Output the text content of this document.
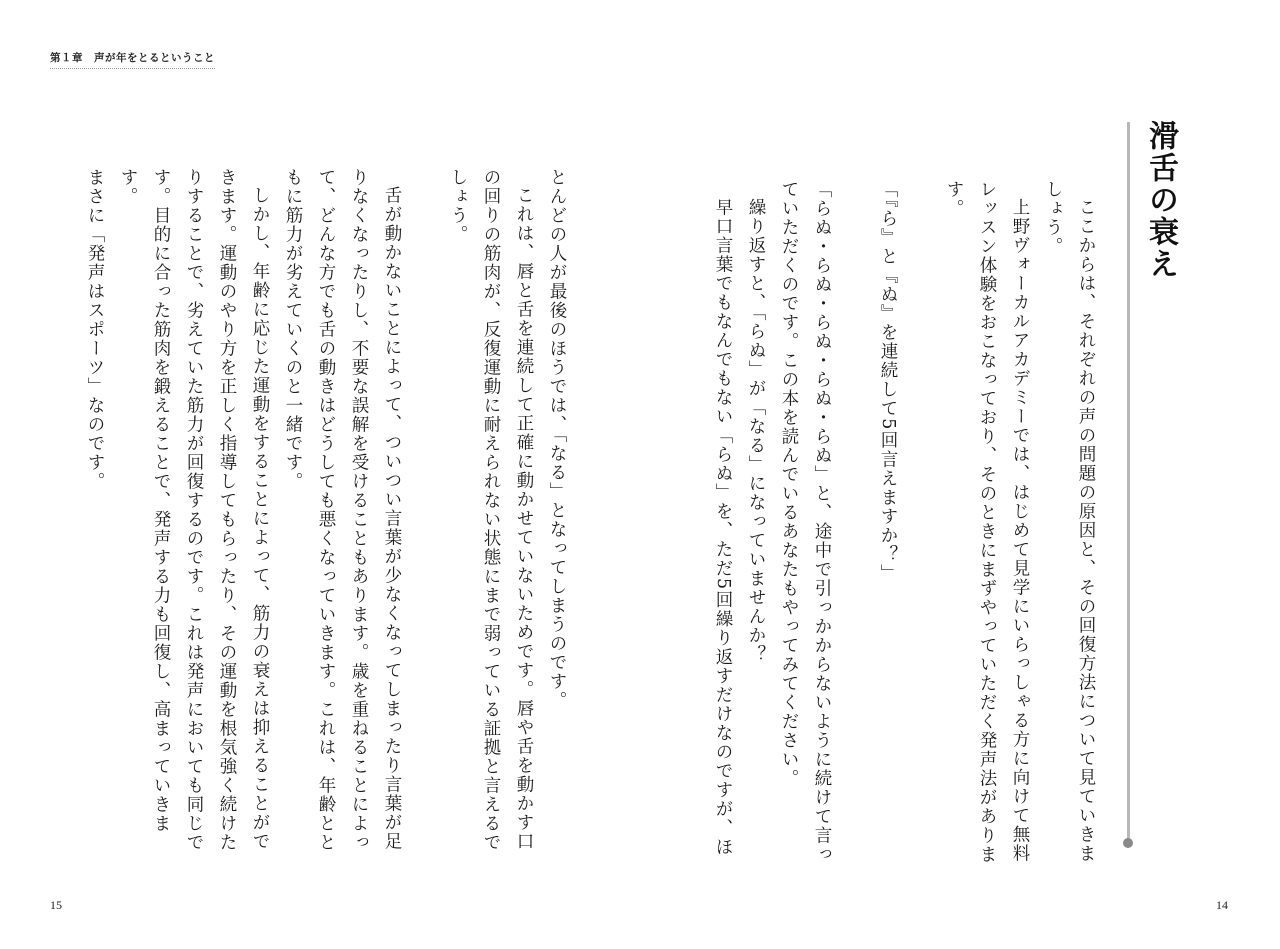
第１章　声が年をとるということ
滑舌の衰え

ここからは、それぞれの声の問題の原因と、その回復方法について見ていきましょう。

上野ヴォーカルアカデミーでは、はじめて見学にいらっしゃる方に向けて無料レッスン体験をおこなっており、そのときにまずやっていただく発声法があります。

「『ら』と『ぬ』を連続して5回言えますか？」

「らぬ・らぬ・らぬ・らぬ・らぬ」と、途中で引っかからないように続けて言っていただくのです。この本を読んでいるあなたもやってみてください。

繰り返すと、「らぬ」が「なる」になっていませんか？

早口言葉でもなんでもない「らぬ」を、ただ5回繰り返すだけなのですが、ほ

とんどの人が最後のほうでは、「なる」となってしまうのです。

これは、唇と舌を連続して正確に動かせていないためです。唇や舌を動かす口の回りの筋肉が、反復運動に耐えられない状態にまで弱っている証拠と言えるでしょう。

舌が動かないことによって、ついつい言葉が少なくなってしまったり言葉が足りなくなったりし、不要な誤解を受けることもあります。歳を重ねることによって、どんな方でも舌の動きはどうしても悪くなっていきます。これは、年齢とともに筋力が劣えていくのと一緒です。

しかし、年齢に応じた運動をすることによって、筋力の衰えは抑えることができます。運動のやり方を正しく指導してもらったり、その運動を根気強く続けたりすることで、劣えていた筋力が回復するのです。これは発声においても同じです。目的に合った筋肉を鍛えることで、発声する力も回復し、高まっていきます。

まさに「発声はスポーツ」なのです。

15	14
